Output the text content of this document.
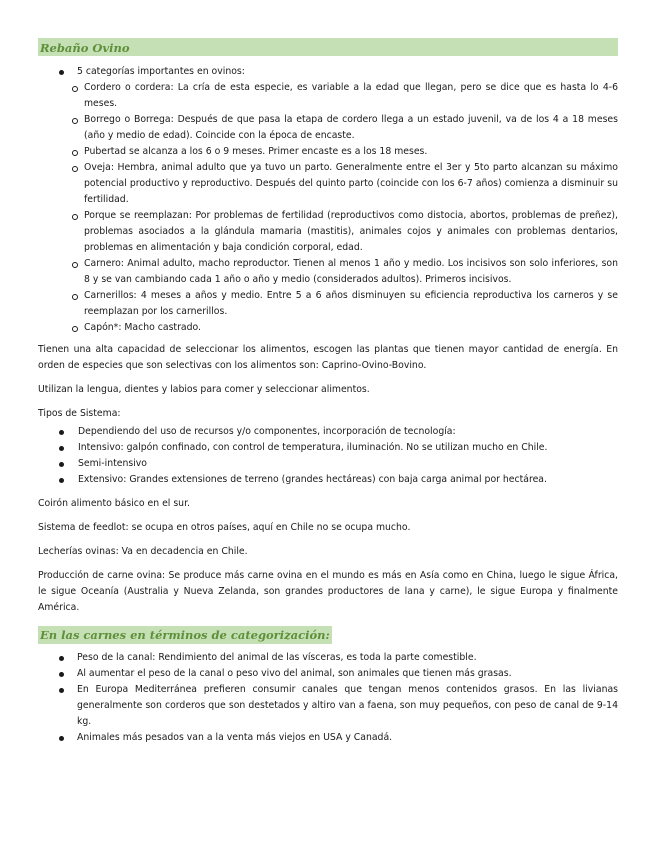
Rebaño Ovino
5 categorías importantes en ovinos:
Cordero o cordera: La cría de esta especie, es variable a la edad que llegan, pero se dice que es hasta lo 4-6 meses.
Borrego o Borrega: Después de que pasa la etapa de cordero llega a un estado juvenil, va de los 4 a 18 meses (año y medio de edad). Coincide con la época de encaste.
Pubertad se alcanza a los 6 o 9 meses. Primer encaste es a los 18 meses.
Oveja: Hembra, animal adulto que ya tuvo un parto. Generalmente entre el 3er y 5to parto alcanzan su máximo potencial productivo y reproductivo. Después del quinto parto (coincide con los 6-7 años) comienza a disminuir su fertilidad.
Porque se reemplazan: Por problemas de fertilidad (reproductivos como distocia, abortos, problemas de preñez), problemas asociados a la glándula mamaria (mastitis), animales cojos y animales con problemas dentarios, problemas en alimentación y baja condición corporal, edad.
Carnero: Animal adulto, macho reproductor. Tienen al menos 1 año y medio. Los incisivos son solo inferiores, son 8 y se van cambiando cada 1 año o año y medio (considerados adultos). Primeros incisivos.
Carnerillos: 4 meses a años y medio. Entre 5 a 6 años disminuyen su eficiencia reproductiva los carneros y se reemplazan por los carnerillos.
Capón*: Macho castrado.

Tienen una alta capacidad de seleccionar los alimentos, escogen las plantas que tienen mayor cantidad de energía. En orden de especies que son selectivas con los alimentos son: Caprino-Ovino-Bovino.

Utilizan la lengua, dientes y labios para comer y seleccionar alimentos.

Tipos de Sistema:

Dependiendo del uso de recursos y/o componentes, incorporación de tecnología:
Intensivo: galpón confinado, con control de temperatura, iluminación. No se utilizan mucho en Chile.
Semi-intensivo
Extensivo: Grandes extensiones de terreno (grandes hectáreas) con baja carga animal por hectárea.

Coirón alimento básico en el sur.

Sistema de feedlot: se ocupa en otros países, aquí en Chile no se ocupa mucho.

Lecherías ovinas: Va en decadencia en Chile.

Producción de carne ovina: Se produce más carne ovina en el mundo es más en Asía como en China, luego le sigue África, le sigue Oceanía (Australia y Nueva Zelanda, son grandes productores de lana y carne), le sigue Europa y finalmente América.

En las carnes en términos de categorización:
Peso de la canal: Rendimiento del animal de las vísceras, es toda la parte comestible.
Al aumentar el peso de la canal o peso vivo del animal, son animales que tienen más grasas.
En Europa Mediterránea prefieren consumir canales que tengan menos contenidos grasos. En las livianas generalmente son corderos que son destetados y altiro van a faena, son muy pequeños, con peso de canal de 9-14 kg.
Animales más pesados van a la venta más viejos en USA y Canadá.
